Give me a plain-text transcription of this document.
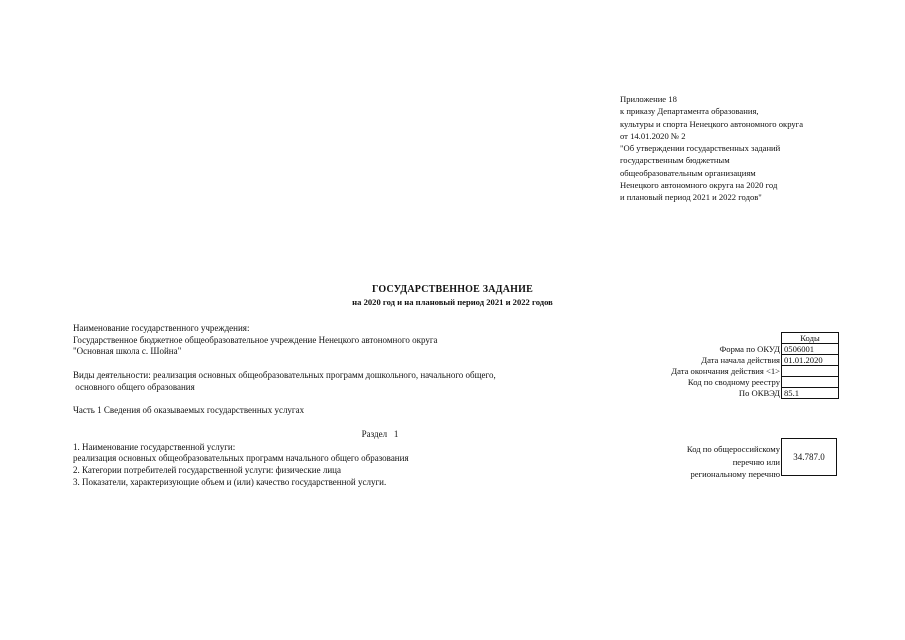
Приложение 18
к приказу Департамента образования,
культуры и спорта Ненецкого автономного округа
от 14.01.2020 № 2
"Об утверждении государственных заданий
государственным бюджетным
общеобразовательным организациям
Ненецкого автономного округа на 2020 год
и плановый период 2021 и 2022 годов"
ГОСУДАРСТВЕННОЕ ЗАДАНИЕ
на 2020 год и на плановый период 2021 и 2022 годов
Наименование государственного учреждения:
Государственное бюджетное общеобразовательное учреждение Ненецкого автономного округа
"Основная школа с. Шойна"
Виды деятельности: реализация основных общеобразовательных программ дошкольного, начального общего,
основного общего образования
Часть 1 Сведения об оказываемых государственных услугах
Раздел   1
1. Наименование государственной услуги:
реализация основных общеобразовательных программ начального общего образования
2. Категории потребителей государственной услуги: физические лица
3. Показатели, характеризующие объем и (или) качество государственной услуги.
Форма по ОКУД
Дата начала действия
Дата окончания действия <1>
Код по сводному реестру
По ОКВЭД
Коды
0506001
01.01.2020
85.1
Код по общероссийскому
перечню или
региональному перечню
34.787.0
